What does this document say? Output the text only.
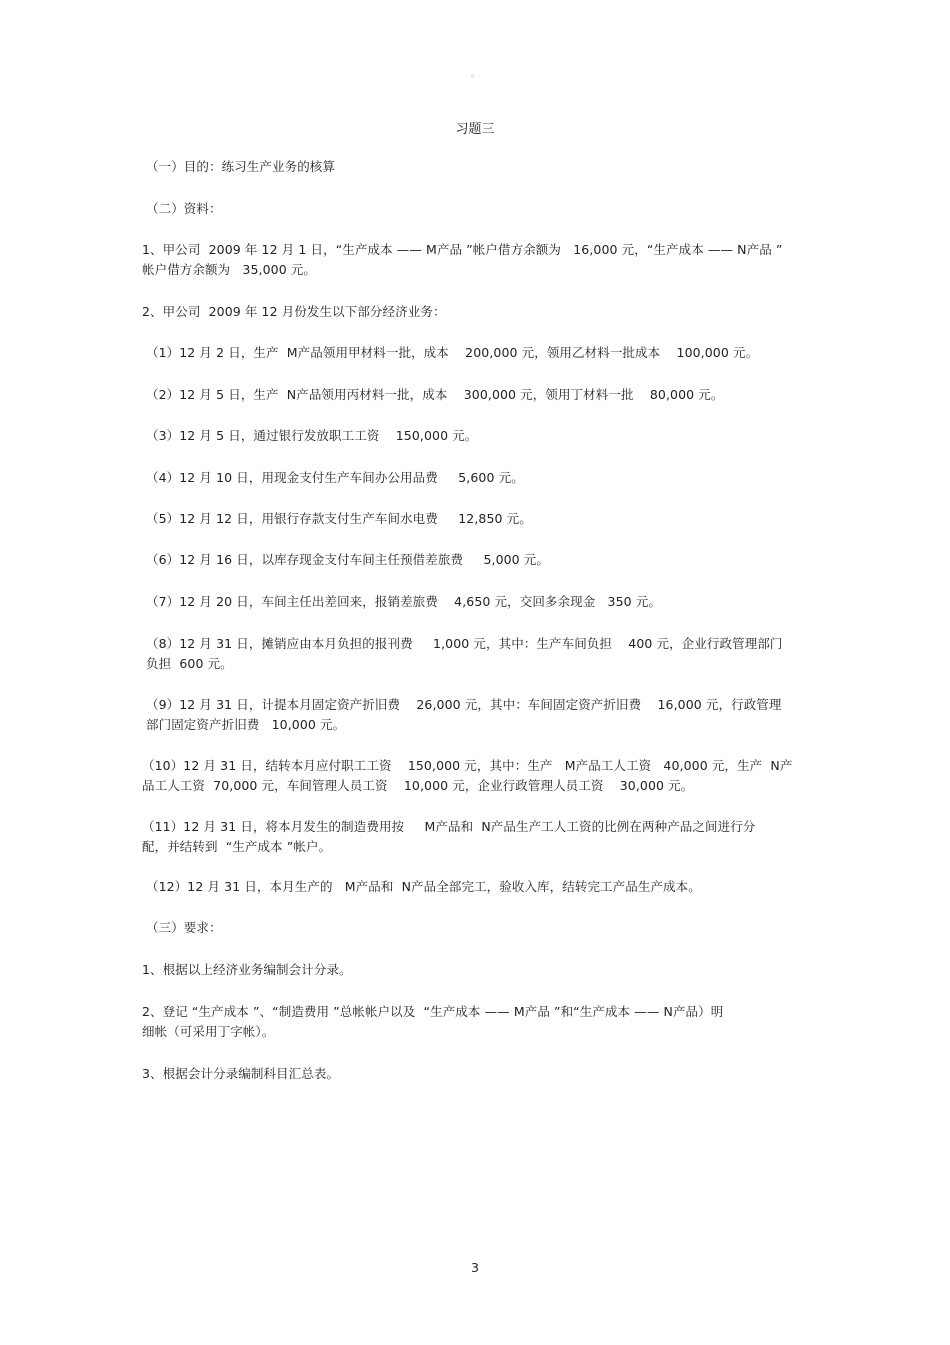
。
习题三
（一）目的：练习生产业务的核算
（二）资料：
1、甲公司  2009 年 12 月 1 日，“生产成本 —— M产品 ”帐户借方余额为   16,000 元，“生产成本 —— N产品 ”
帐户借方余额为   35,000 元。
2、甲公司  2009 年 12 月份发生以下部分经济业务：
（1）12 月 2 日，生产  M产品领用甲材料一批，成本    200,000 元，领用乙材料一批成本    100,000 元。
（2）12 月 5 日，生产  N产品领用丙材料一批，成本    300,000 元，领用丁材料一批    80,000 元。
（3）12 月 5 日，通过银行发放职工工资    150,000 元。
（4）12 月 10 日，用现金支付生产车间办公用品费     5,600 元。
（5）12 月 12 日，用银行存款支付生产车间水电费     12,850 元。
（6）12 月 16 日，以库存现金支付车间主任预借差旅费     5,000 元。
（7）12 月 20 日，车间主任出差回来，报销差旅费    4,650 元，交回多余现金   350 元。
（8）12 月 31 日，摊销应由本月负担的报刊费     1,000 元，其中：生产车间负担    400 元，企业行政管理部门
负担  600 元。
（9）12 月 31 日，计提本月固定资产折旧费    26,000 元，其中：车间固定资产折旧费    16,000 元，行政管理
部门固定资产折旧费   10,000 元。
（10）12 月 31 日，结转本月应付职工工资    150,000 元，其中：生产   M产品工人工资   40,000 元，生产  N产
品工人工资  70,000 元，车间管理人员工资    10,000 元，企业行政管理人员工资    30,000 元。
（11）12 月 31 日，将本月发生的制造费用按     M产品和  N产品生产工人工资的比例在两种产品之间进行分
配，并结转到  “生产成本 ”帐户。
（12）12 月 31 日，本月生产的   M产品和  N产品全部完工，验收入库，结转完工产品生产成本。
（三）要求：
1、根据以上经济业务编制会计分录。
2、登记 “生产成本 ”、“制造费用 ”总帐帐户以及  “生产成本 —— M产品 ”和“生产成本 —— N产品）明
细帐（可采用丁字帐）。
3、根据会计分录编制科目汇总表。
3
